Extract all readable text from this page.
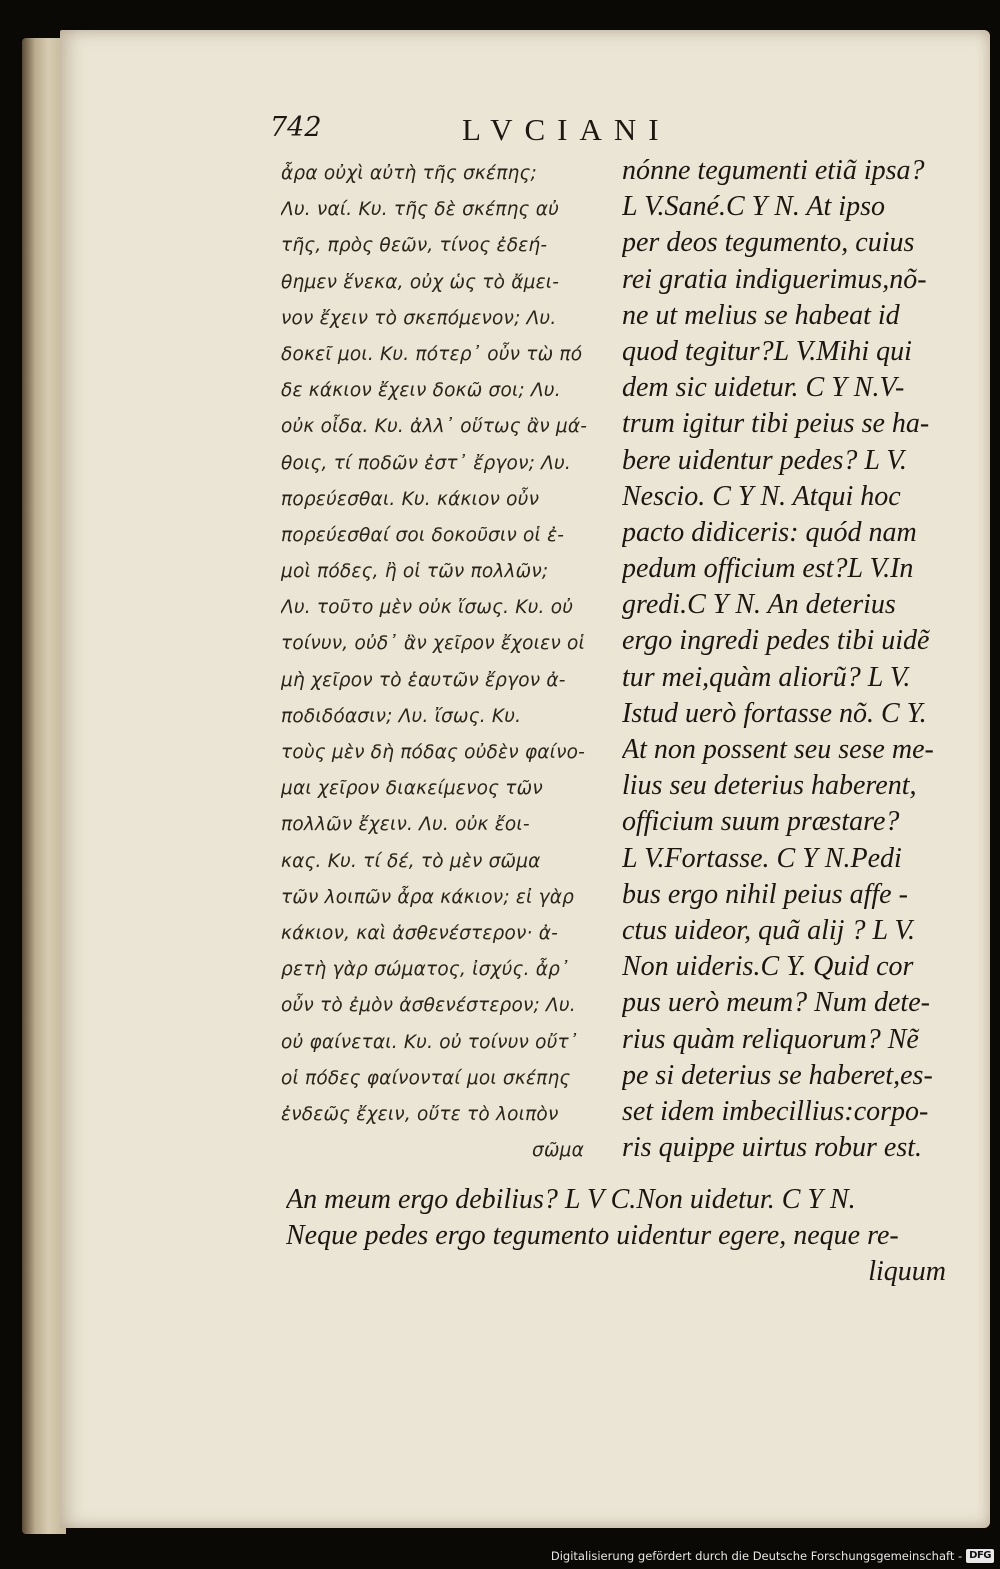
742	LVCIANI
ἆρα οὐχὶ αὐτὴ τῆς σκέπης;
Λυ. ναί. Κυ. τῆς δὲ σκέπης αὐ
τῆς, πρὸς θεῶν, τίνος ἐδεή-
θημεν ἕνεκα, οὐχ ὡς τὸ ἄμει-
νον ἔχειν τὸ σκεπόμενον; Λυ.
δοκεῖ μοι. Κυ. πότερ᾽ οὖν τὼ πό
δε κάκιον ἔχειν δοκῶ σοι; Λυ.
οὐκ οἶδα. Κυ. ἀλλ᾽ οὕτως ἂν μά-
θοις, τί ποδῶν ἐστ᾽ ἔργον; Λυ.
πορεύεσθαι. Κυ. κάκιον οὖν
πορεύεσθαί σοι δοκοῦσιν οἱ ἐ-
μοὶ πόδες, ἢ οἱ τῶν πολλῶν;
Λυ. τοῦτο μὲν οὐκ ἴσως. Κυ. οὐ
τοίνυν, οὐδ᾽ ἂν χεῖρον ἔχοιεν οἱ
μὴ χεῖρον τὸ ἑαυτῶν ἔργον ἀ-
ποδιδόασιν; Λυ. ἴσως. Κυ.
τοὺς μὲν δὴ πόδας οὐδὲν φαίνο-
μαι χεῖρον διακείμενος τῶν
πολλῶν ἔχειν. Λυ. οὐκ ἔοι-
κας. Κυ. τί δέ, τὸ μὲν σῶμα
τῶν λοιπῶν ἆρα κάκιον; εἰ γὰρ
κάκιον, καὶ ἀσθενέστερον· ἀ-
ρετὴ γὰρ σώματος, ἰσχύς. ἆρ᾽
οὖν τὸ ἐμὸν ἀσθενέστερον; Λυ.
οὐ φαίνεται. Κυ. οὐ τοίνυν οὔτ᾽
οἱ πόδες φαίνονταί μοι σκέπης
ἐνδεῶς ἔχειν, οὔτε τὸ λοιπὸν
σῶμα
nónne tegumenti etiã ipsa?
L V.Sané.C Y N. At ipso
per deos tegumento, cuius
rei gratia indiguerimus,nõ-
ne ut melius se habeat id
quod tegitur?L V.Mihi qui
dem sic uidetur. C Y N.V-
trum igitur tibi peius se ha-
bere uidentur pedes? L V.
Nescio. C Y N. Atqui hoc
pacto didiceris: quód nam
pedum officium est?L V.In
gredi.C Y N. An deterius
ergo ingredi pedes tibi uidẽ
tur mei,quàm aliorũ? L V.
Istud uerò fortasse nõ. C Y.
At non possent seu sese me-
lius seu deterius haberent,
officium suum præstare?
L V.Fortasse. C Y N.Pedi
bus ergo nihil peius affe -
ctus uideor, quã alij ? L V.
Non uideris.C Y. Quid cor
pus uerò meum? Num dete-
rius quàm reliquorum? Nẽ
pe si deterius se haberet,es-
set idem imbecillius:corpo-
ris quippe uirtus robur est.
An meum ergo debilius? L V C.Non uidetur. C Y N.
Neque pedes ergo tegumento uidentur egere, neque re-
liquum
Digitalisierung gefördert durch die Deutsche Forschungsgemeinschaft - DFG
